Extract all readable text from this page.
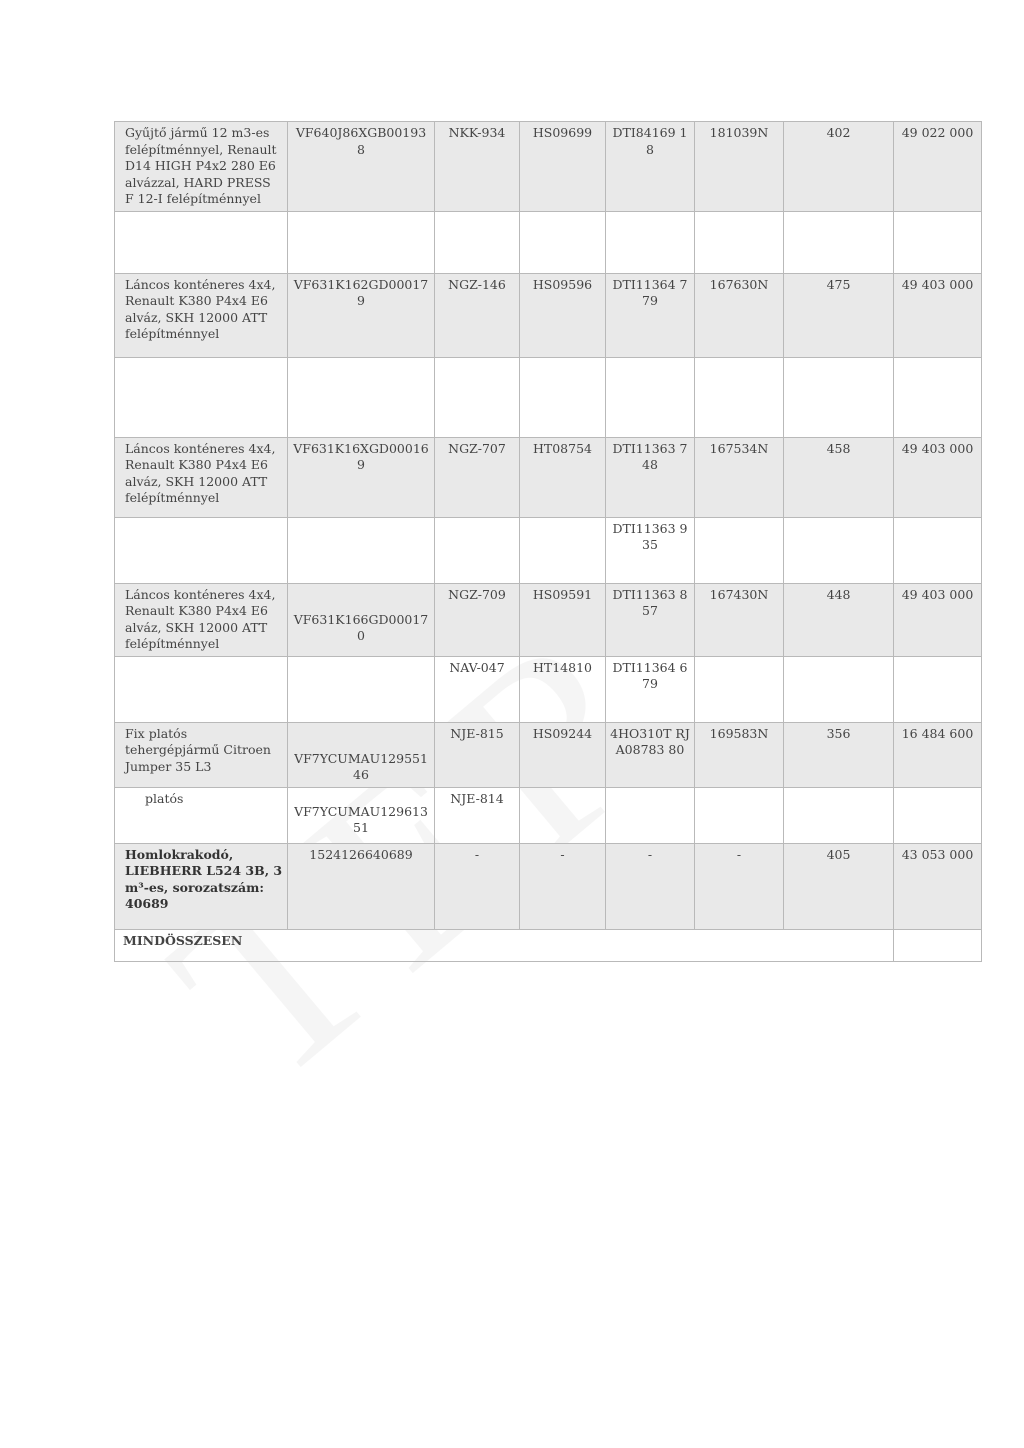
Gyűjtő jármű 12 m3-es felépítménnyel, Renault D14 HIGH P4x2 280 E6 alvázzal, HARD PRESS F 12-I felépítménnyel	VF640J86XGB00193 8	NKK-934	HS09699	DTI84169 18	181039N	402	49 022 000

Láncos konténeres 4x4, Renault K380 P4x4 E6 alváz, SKH 12000 ATT felépítménnyel	VF631K162GD00017 9	NGZ-146	HS09596	DTI11364 779	167630N	475	49 403 000

Láncos konténeres 4x4, Renault K380 P4x4 E6 alváz, SKH 12000 ATT felépítménnyel	VF631K16XGD00016 9	NGZ-707	HT08754	DTI11363 748	167534N	458	49 403 000
				DTI11363 935			
Láncos konténeres 4x4, Renault K380 P4x4 E6 alváz, SKH 12000 ATT felépítménnyel	VF631K166GD00017 0	NGZ-709	HS09591	DTI11363 857	167430N	448	49 403 000
		NAV-047	HT14810	DTI11364 679			
Fix platós tehergépjármű Citroen Jumper 35 L3	VF7YCUMAU129551 46	NJE-815	HS09244	4HO310T RJA08783 80	169583N	356	16 484 600
platós	VF7YCUMAU129613 51	NJE-814					
Homlokrakodó, LIEBHERR L524 3B, 3 m³-es, sorozatszám: 40689	1524126640689	-	-	-	-	405	43 053 000
MINDÖSSZESEN							
